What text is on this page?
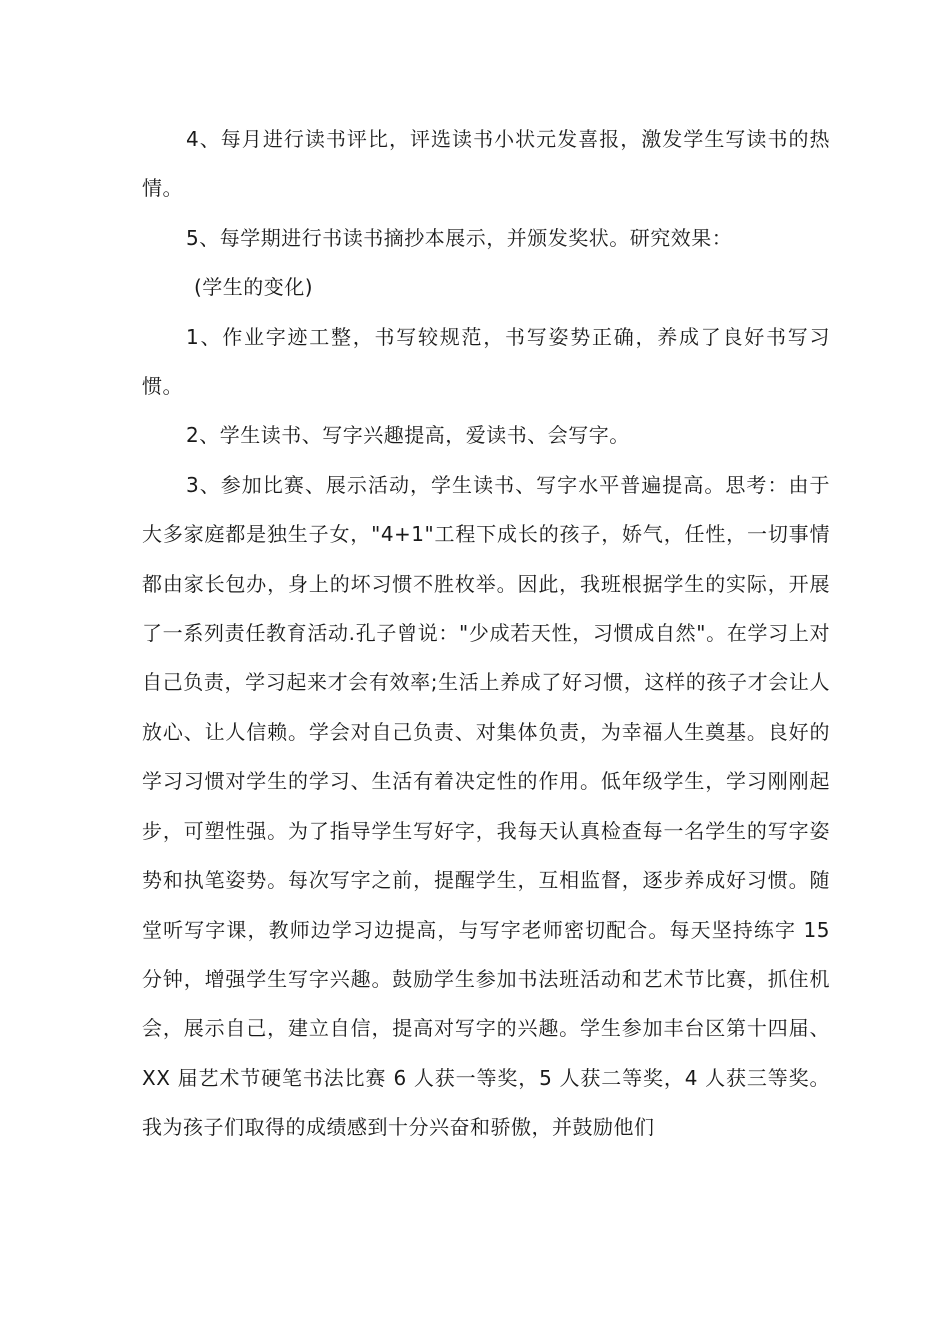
4、每月进行读书评比，评选读书小状元发喜报，激发学生写读书的热情。

5、每学期进行书读书摘抄本展示，并颁发奖状。研究效果：

(学生的变化)

1、作业字迹工整，书写较规范，书写姿势正确，养成了良好书写习惯。

2、学生读书、写字兴趣提高，爱读书、会写字。

3、参加比赛、展示活动，学生读书、写字水平普遍提高。思考：由于大多家庭都是独生子女，"4+1"工程下成长的孩子，娇气，任性，一切事情都由家长包办，身上的坏习惯不胜枚举。因此，我班根据学生的实际，开展了一系列责任教育活动.孔子曾说："少成若天性，习惯成自然"。在学习上对自己负责，学习起来才会有效率;生活上养成了好习惯，这样的孩子才会让人放心、让人信赖。学会对自己负责、对集体负责，为幸福人生奠基。良好的学习习惯对学生的学习、生活有着决定性的作用。低年级学生，学习刚刚起步，可塑性强。为了指导学生写好字，我每天认真检查每一名学生的写字姿势和执笔姿势。每次写字之前，提醒学生，互相监督，逐步养成好习惯。随堂听写字课，教师边学习边提高，与写字老师密切配合。每天坚持练字 15 分钟，增强学生写字兴趣。鼓励学生参加书法班活动和艺术节比赛，抓住机会，展示自己，建立自信，提高对写字的兴趣。学生参加丰台区第十四届、XX 届艺术节硬笔书法比赛 6 人获一等奖，5 人获二等奖，4 人获三等奖。我为孩子们取得的成绩感到十分兴奋和骄傲，并鼓励他们
